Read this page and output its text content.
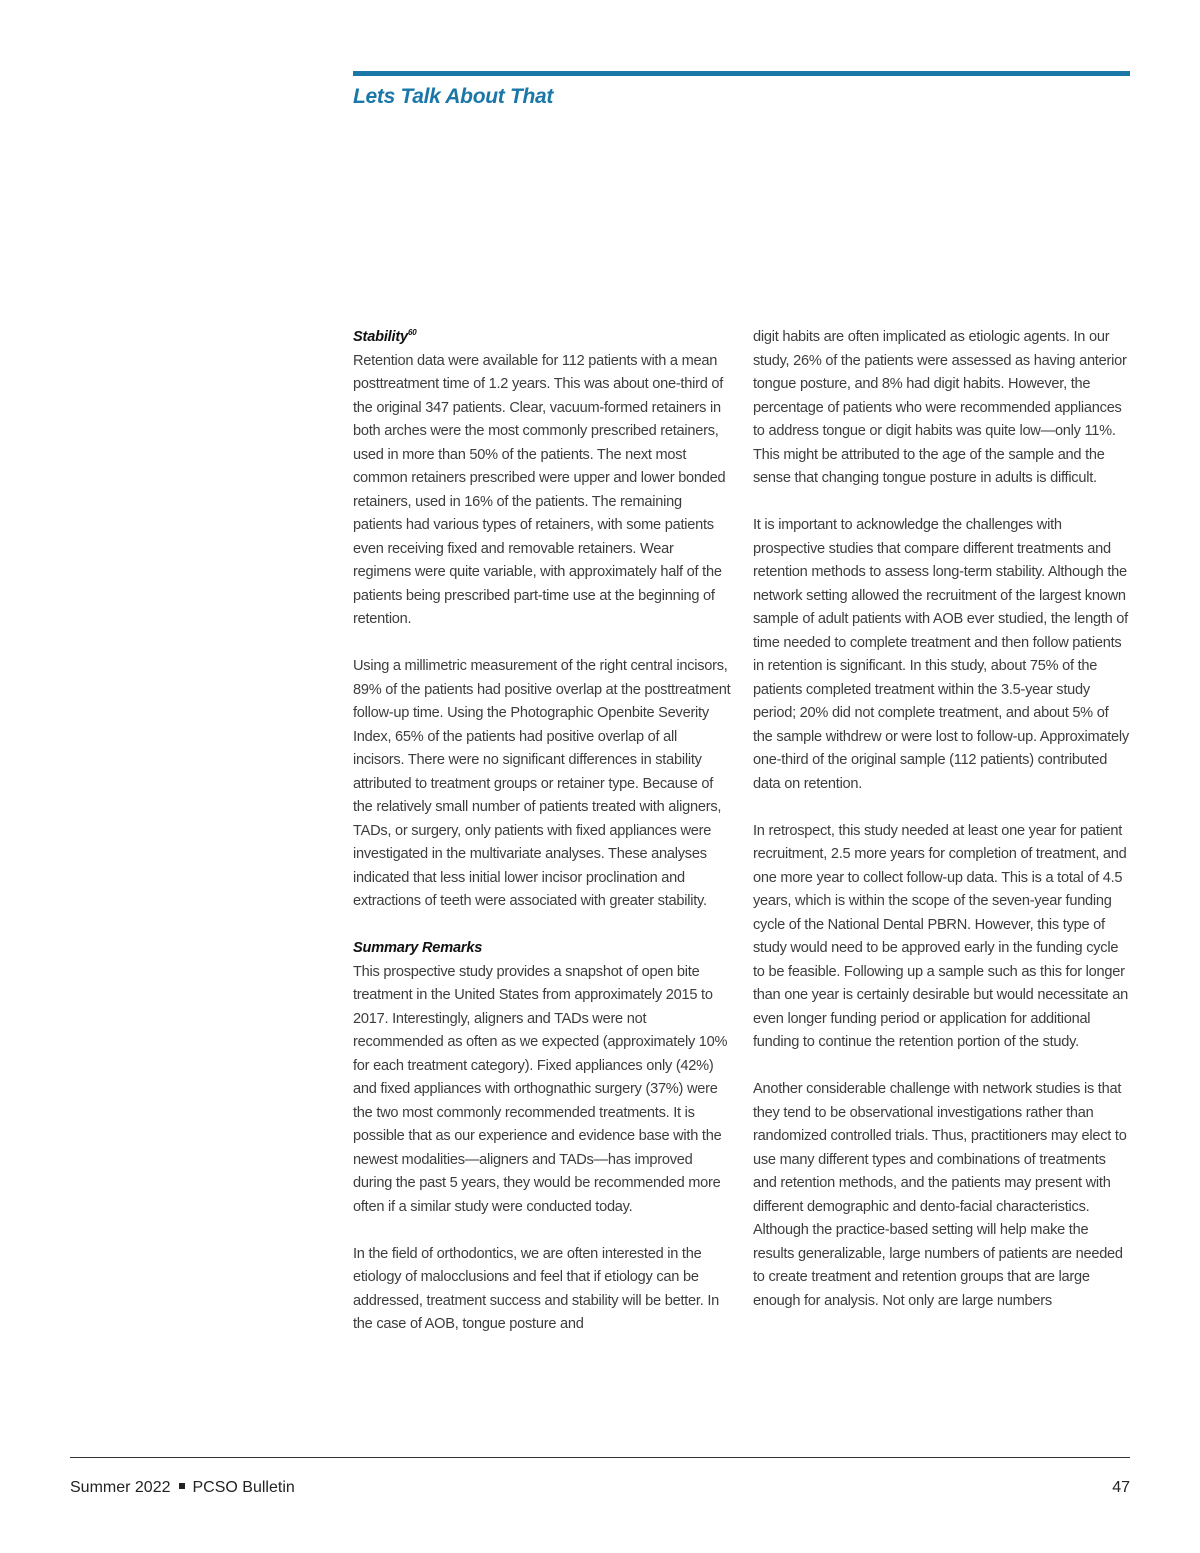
Lets Talk About That
Stability$^{60}$

Retention data were available for 112 patients with a mean posttreatment time of 1.2 years. This was about one-third of the original 347 patients. Clear, vacuum-formed retainers in both arches were the most commonly prescribed retainers, used in more than 50% of the patients. The next most common retainers prescribed were upper and lower bonded retainers, used in 16% of the patients. The remaining patients had various types of retainers, with some patients even receiving fixed and removable retainers. Wear regimens were quite variable, with approximately half of the patients being prescribed part-time use at the beginning of retention.

Using a millimetric measurement of the right central incisors, 89% of the patients had positive overlap at the posttreatment follow-up time. Using the Photographic Openbite Severity Index, 65% of the patients had positive overlap of all incisors. There were no significant differences in stability attributed to treatment groups or retainer type. Because of the relatively small number of patients treated with aligners, TADs, or surgery, only patients with fixed appliances were investigated in the multivariate analyses. These analyses indicated that less initial lower incisor proclination and extractions of teeth were associated with greater stability.

Summary Remarks

This prospective study provides a snapshot of open bite treatment in the United States from approximately 2015 to 2017. Interestingly, aligners and TADs were not recommended as often as we expected (approximately 10% for each treatment category). Fixed appliances only (42%) and fixed appliances with orthognathic surgery (37%) were the two most commonly recommended treatments. It is possible that as our experience and evidence base with the newest modalities—aligners and TADs—has improved during the past 5 years, they would be recommended more often if a similar study were conducted today.

In the field of orthodontics, we are often interested in the etiology of malocclusions and feel that if etiology can be addressed, treatment success and stability will be better. In the case of AOB, tongue posture and

digit habits are often implicated as etiologic agents. In our study, 26% of the patients were assessed as having anterior tongue posture, and 8% had digit habits. However, the percentage of patients who were recommended appliances to address tongue or digit habits was quite low—only 11%. This might be attributed to the age of the sample and the sense that changing tongue posture in adults is difficult.

It is important to acknowledge the challenges with prospective studies that compare different treatments and retention methods to assess long-term stability. Although the network setting allowed the recruitment of the largest known sample of adult patients with AOB ever studied, the length of time needed to complete treatment and then follow patients in retention is significant. In this study, about 75% of the patients completed treatment within the 3.5-year study period; 20% did not complete treatment, and about 5% of the sample withdrew or were lost to follow-up. Approximately one-third of the original sample (112 patients) contributed data on retention.

In retrospect, this study needed at least one year for patient recruitment, 2.5 more years for completion of treatment, and one more year to collect follow-up data. This is a total of 4.5 years, which is within the scope of the seven-year funding cycle of the National Dental PBRN. However, this type of study would need to be approved early in the funding cycle to be feasible. Following up a sample such as this for longer than one year is certainly desirable but would necessitate an even longer funding period or application for additional funding to continue the retention portion of the study.

Another considerable challenge with network studies is that they tend to be observational investigations rather than randomized controlled trials. Thus, practitioners may elect to use many different types and combinations of treatments and retention methods, and the patients may present with different demographic and dento-facial characteristics. Although the practice-based setting will help make the results generalizable, large numbers of patients are needed to create treatment and retention groups that are large enough for analysis. Not only are large numbers

Summer 2022 PCSO Bulletin	47
